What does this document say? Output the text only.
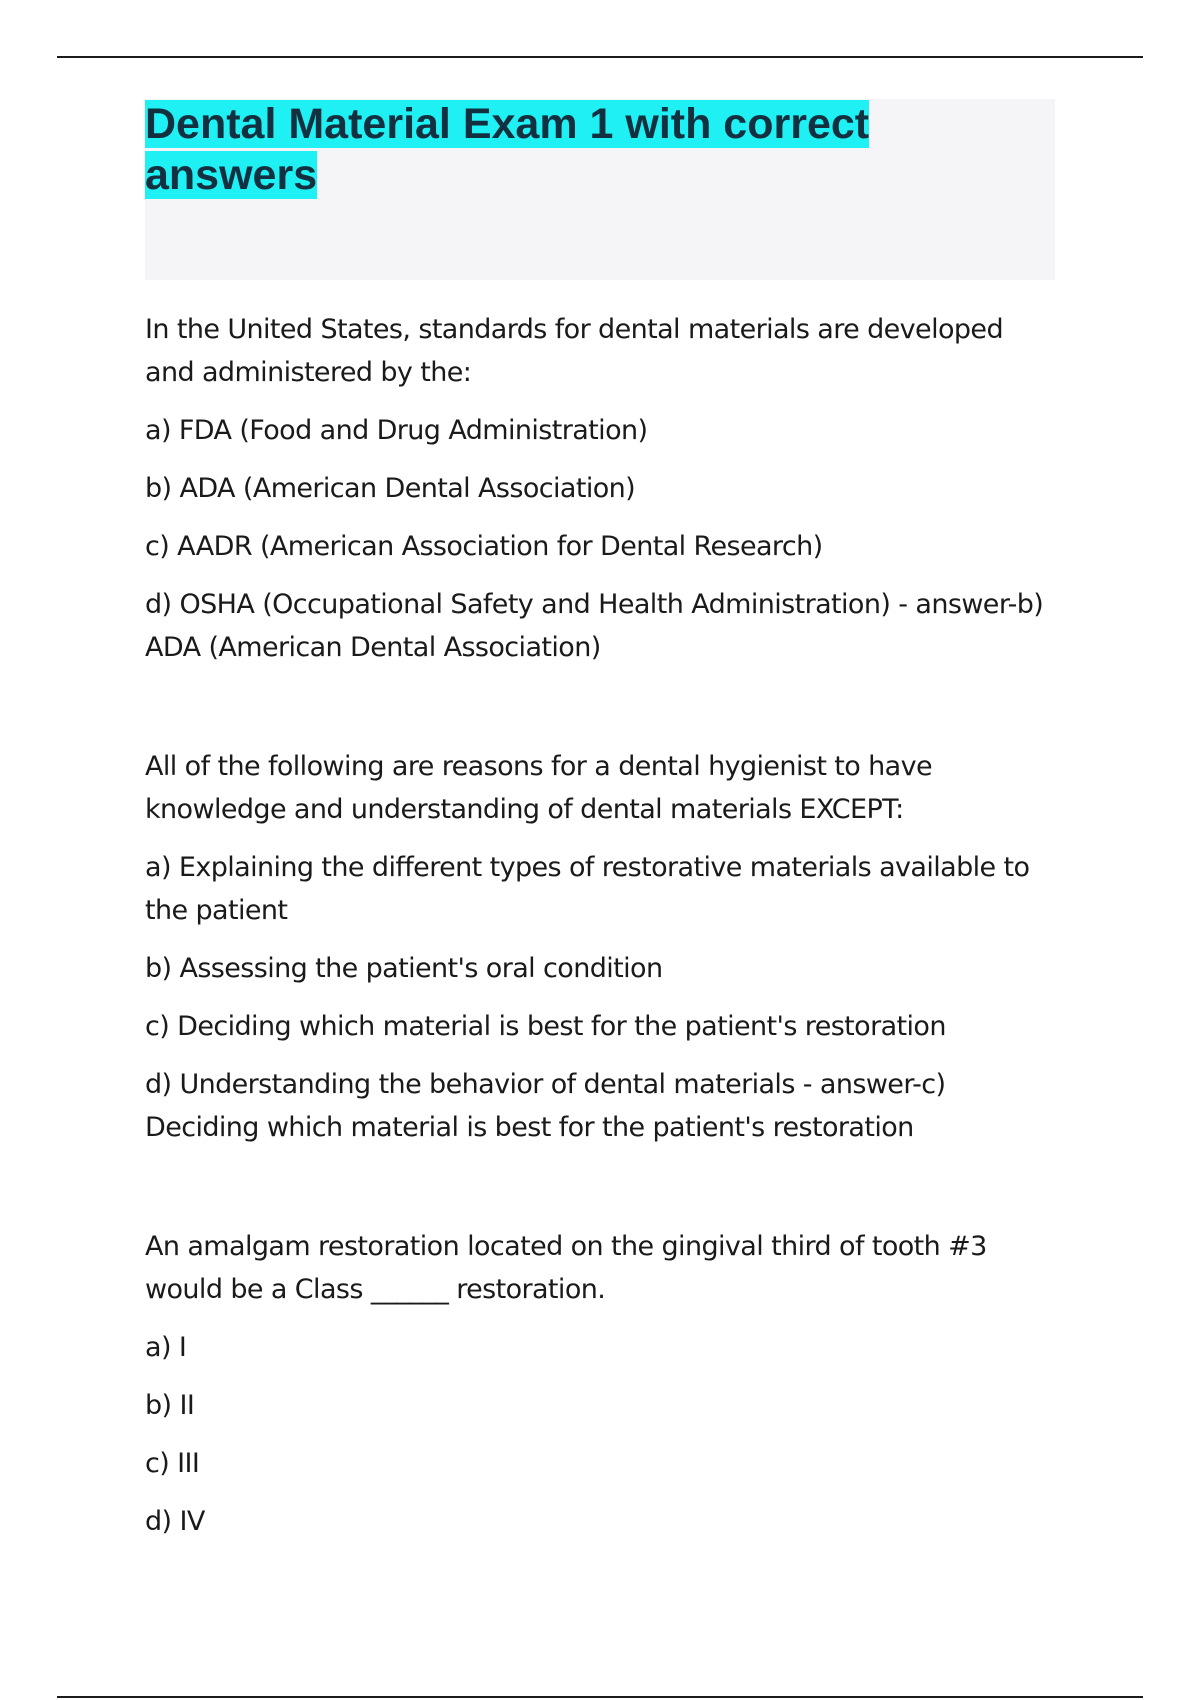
Dental Material Exam 1 with correct answers

In the United States, standards for dental materials are developed and administered by the:

a) FDA (Food and Drug Administration)

b) ADA (American Dental Association)

c) AADR (American Association for Dental Research)

d) OSHA (Occupational Safety and Health Administration) - answer-b) ADA (American Dental Association)

All of the following are reasons for a dental hygienist to have knowledge and understanding of dental materials EXCEPT:

a) Explaining the different types of restorative materials available to the patient

b) Assessing the patient's oral condition

c) Deciding which material is best for the patient's restoration

d) Understanding the behavior of dental materials - answer-c) Deciding which material is best for the patient's restoration

An amalgam restoration located on the gingival third of tooth #3 would be a Class ______ restoration.

a) I

b) II

c) III

d) IV
